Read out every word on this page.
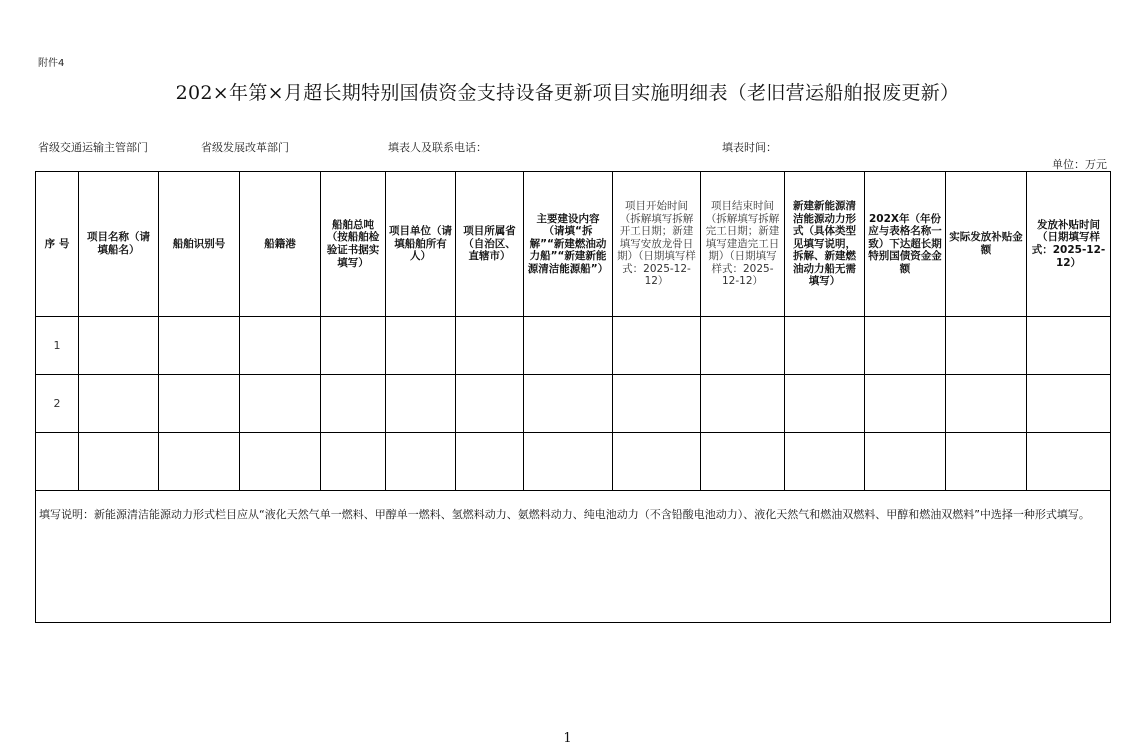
附件4
202×年第×月超长期特别国债资金支持设备更新项目实施明细表（老旧营运船舶报废更新）
省级交通运输主管部门	省级发展改革部门	填表人及联系电话：	填表时间：
单位：万元
序 号	项目名称（请填船名）	船舶识别号	船籍港	船舶总吨（按船舶检验证书据实填写）	项目单位（请填船舶所有人）	项目所属省（自治区、直辖市）	主要建设内容（请填“拆解”“新建燃油动力船”“新建新能源清洁能源船”）	项目开始时间（拆解填写拆解开工日期；新建填写安放龙骨日期）（日期填写样式：2025-12-12）	项目结束时间（拆解填写拆解完工日期；新建填写建造完工日期）（日期填写样式：2025-12-12）	新建新能源清洁能源动力形式（具体类型见填写说明，拆解、新建燃油动力船无需填写）	202X年（年份应与表格名称一致）下达超长期特别国债资金金额	实际发放补贴金额	发放补贴时间（日期填写样式：2025-12-12）
1													
2													

填写说明：新能源清洁能源动力形式栏目应从“液化天然气单一燃料、甲醇单一燃料、氢燃料动力、氨燃料动力、纯电池动力（不含铅酸电池动力）、液化天然气和燃油双燃料、甲醇和燃油双燃料”中选择一种形式填写。													
1
